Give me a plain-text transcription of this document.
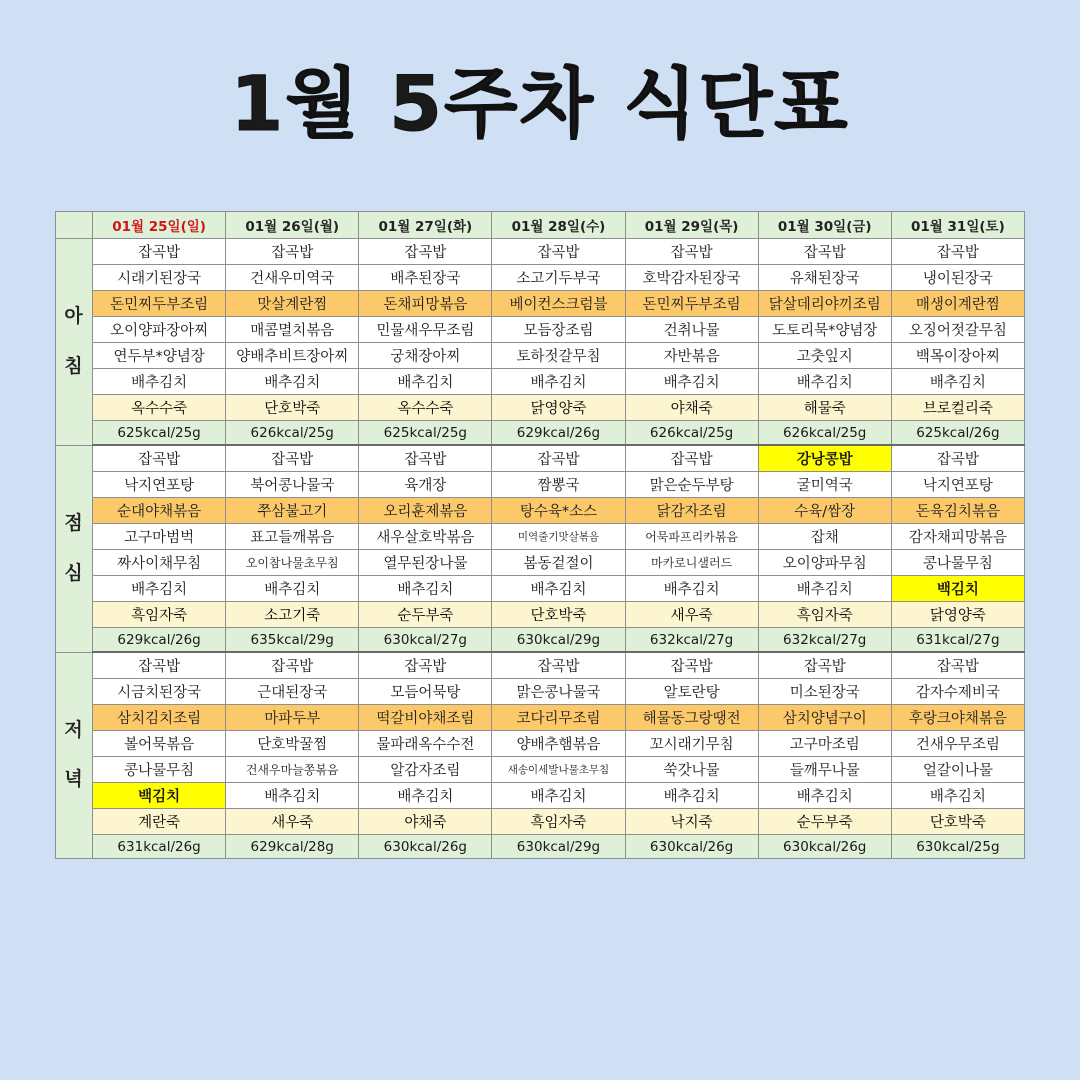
1월 5주차 식단표
	01월 25일(일)	01월 26일(월)	01월 27일(화)	01월 28일(수)	01월 29일(목)	01월 30일(금)	01월 31일(토)
아 침	잡곡밥	잡곡밥	잡곡밥	잡곡밥	잡곡밥	잡곡밥	잡곡밥
	시래기된장국	건새우미역국	배추된장국	소고기두부국	호박감자된장국	유채된장국	냉이된장국
	돈민찌두부조림	맛살계란찜	돈채피망볶음	베이컨스크럼블	돈민찌두부조림	닭살데리야끼조림	매생이계란찜
	오이양파장아찌	매콤멸치볶음	민물새우무조림	모듬장조림	건취나물	도토리묵*양념장	오징어젓갈무침
	연두부*양념장	양배추비트장아찌	궁채장아찌	토하젓갈무침	자반볶음	고춧잎지	백목이장아찌
	배추김치	배추김치	배추김치	배추김치	배추김치	배추김치	배추김치
	옥수수죽	단호박죽	옥수수죽	닭영양죽	야채죽	해물죽	브로컬리죽
	625kcal/25g	626kcal/25g	625kcal/25g	629kcal/26g	626kcal/25g	626kcal/25g	625kcal/26g
점 심	잡곡밥	잡곡밥	잡곡밥	잡곡밥	잡곡밥	강낭콩밥	잡곡밥
	낙지연포탕	북어콩나물국	육개장	짬뽕국	맑은순두부탕	굴미역국	낙지연포탕
	순대야채볶음	쭈삼불고기	오리훈제볶음	탕수육*소스	닭감자조림	수육/쌈장	돈육김치볶음
	고구마범벅	표고들깨볶음	새우살호박볶음	미역줄기맛살볶음	어묵파프리카볶음	잡채	감자채피망볶음
	짜사이채무침	오이참나물초무침	열무된장나물	봄동겉절이	마카로니샐러드	오이양파무침	콩나물무침
	배추김치	배추김치	배추김치	배추김치	배추김치	배추김치	백김치
	흑임자죽	소고기죽	순두부죽	단호박죽	새우죽	흑임자죽	닭영양죽
	629kcal/26g	635kcal/29g	630kcal/27g	630kcal/29g	632kcal/27g	632kcal/27g	631kcal/27g
저 녁	잡곡밥	잡곡밥	잡곡밥	잡곡밥	잡곡밥	잡곡밥	잡곡밥
	시금치된장국	근대된장국	모듬어묵탕	맑은콩나물국	알토란탕	미소된장국	감자수제비국
	삼치김치조림	마파두부	떡갈비야채조림	코다리무조림	해물동그랑땡전	삼치양념구이	후랑크야채볶음
	볼어묵볶음	단호박꿀찜	물파래옥수수전	양배추햄볶음	꼬시래기무침	고구마조림	건새우무조림
	콩나물무침	건새우마늘쫑볶음	알감자조림	새송이세발나물초무침	쑥갓나물	들깨무나물	얼갈이나물
	백김치	배추김치	배추김치	배추김치	배추김치	배추김치	배추김치
	계란죽	새우죽	야채죽	흑임자죽	낙지죽	순두부죽	단호박죽
	631kcal/26g	629kcal/28g	630kcal/26g	630kcal/29g	630kcal/26g	630kcal/26g	630kcal/25g
